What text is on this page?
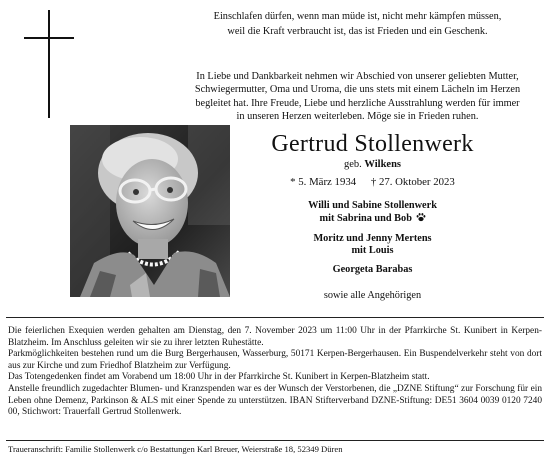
Einschlafen dürfen, wenn man müde ist, nicht mehr kämpfen müssen,
weil die Kraft verbraucht ist, das ist Frieden und ein Geschenk.
In Liebe und Dankbarkeit nehmen wir Abschied von unserer geliebten Mutter,
Schwiegermutter, Oma und Uroma, die uns stets mit einem Lächeln im Herzen
begleitet hat. Ihre Freude, Liebe und herzliche Ausstrahlung werden für immer
in unseren Herzen weiterleben. Möge sie in Frieden ruhen.
Gertrud Stollenwerk
geb. Wilkens
* 5. März 1934 † 27. Oktober 2023
Willi und Sabine Stollenwerk
mit Sabrina und Bob
Moritz und Jenny Mertens
mit Louis
Georgeta Barabas
sowie alle Angehörigen

Die feierlichen Exequien werden gehalten am Dienstag, den 7. November 2023 um 11:00 Uhr in der Pfarrkirche St. Kunibert in Kerpen-Blatzheim. Im Anschluss geleiten wir sie zu ihrer letzten Ruhestätte.

Parkmöglichkeiten bestehen rund um die Burg Bergerhausen, Wasserburg, 50171 Kerpen-Bergerhausen. Ein Buspendelverkehr steht von dort aus zur Kirche und zum Friedhof Blatzheim zur Verfügung.

Das Totengedenken findet am Vorabend um 18:00 Uhr in der Pfarrkirche St. Kunibert in Kerpen-Blatzheim statt.

Anstelle freundlich zugedachter Blumen- und Kranzspenden war es der Wunsch der Verstorbenen, die „DZNE Stiftung“ zur Forschung für ein Leben ohne Demenz, Parkinson & ALS mit einer Spende zu unterstützen. IBAN Stifterverband DZNE-Stiftung: DE51 3604 0039 0120 7240 00, Stichwort: Trauerfall Gertrud Stollenwerk.

Traueranschrift: Familie Stollenwerk c/o Bestattungen Karl Breuer, Weierstraße 18, 52349 Düren
